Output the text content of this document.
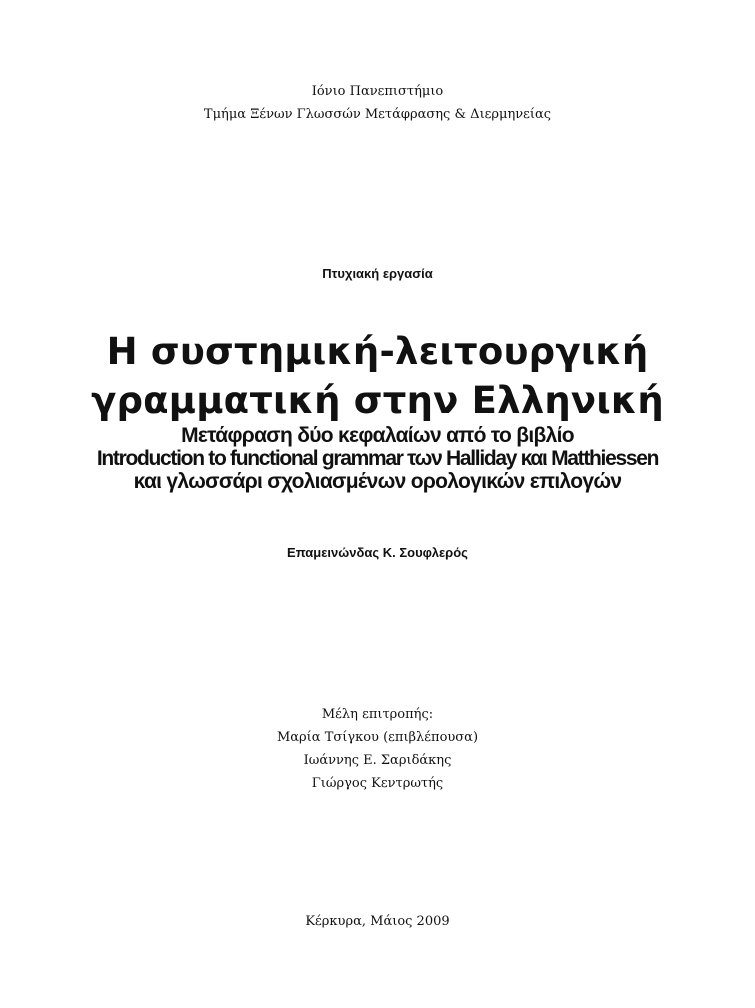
Ιόνιο Πανεπιστήμιο
Τμήμα Ξένων Γλωσσών Μετάφρασης & Διερμηνείας
Πτυχιακή εργασία
Η συστημική-λειτουργική
γραμματική στην Ελληνική
Μετάφραση δύο κεφαλαίων από το βιβλίο
Introduction to functional grammar των Halliday και Matthiessen
και γλωσσάρι σχολιασμένων ορολογικών επιλογών
Επαμεινώνδας Κ. Σουφλερός
Μέλη επιτροπής:
Μαρία Τσίγκου (επιβλέπουσα)
Ιωάννης Ε. Σαριδάκης
Γιώργος Κεντρωτής
Κέρκυρα, Μάιος 2009
